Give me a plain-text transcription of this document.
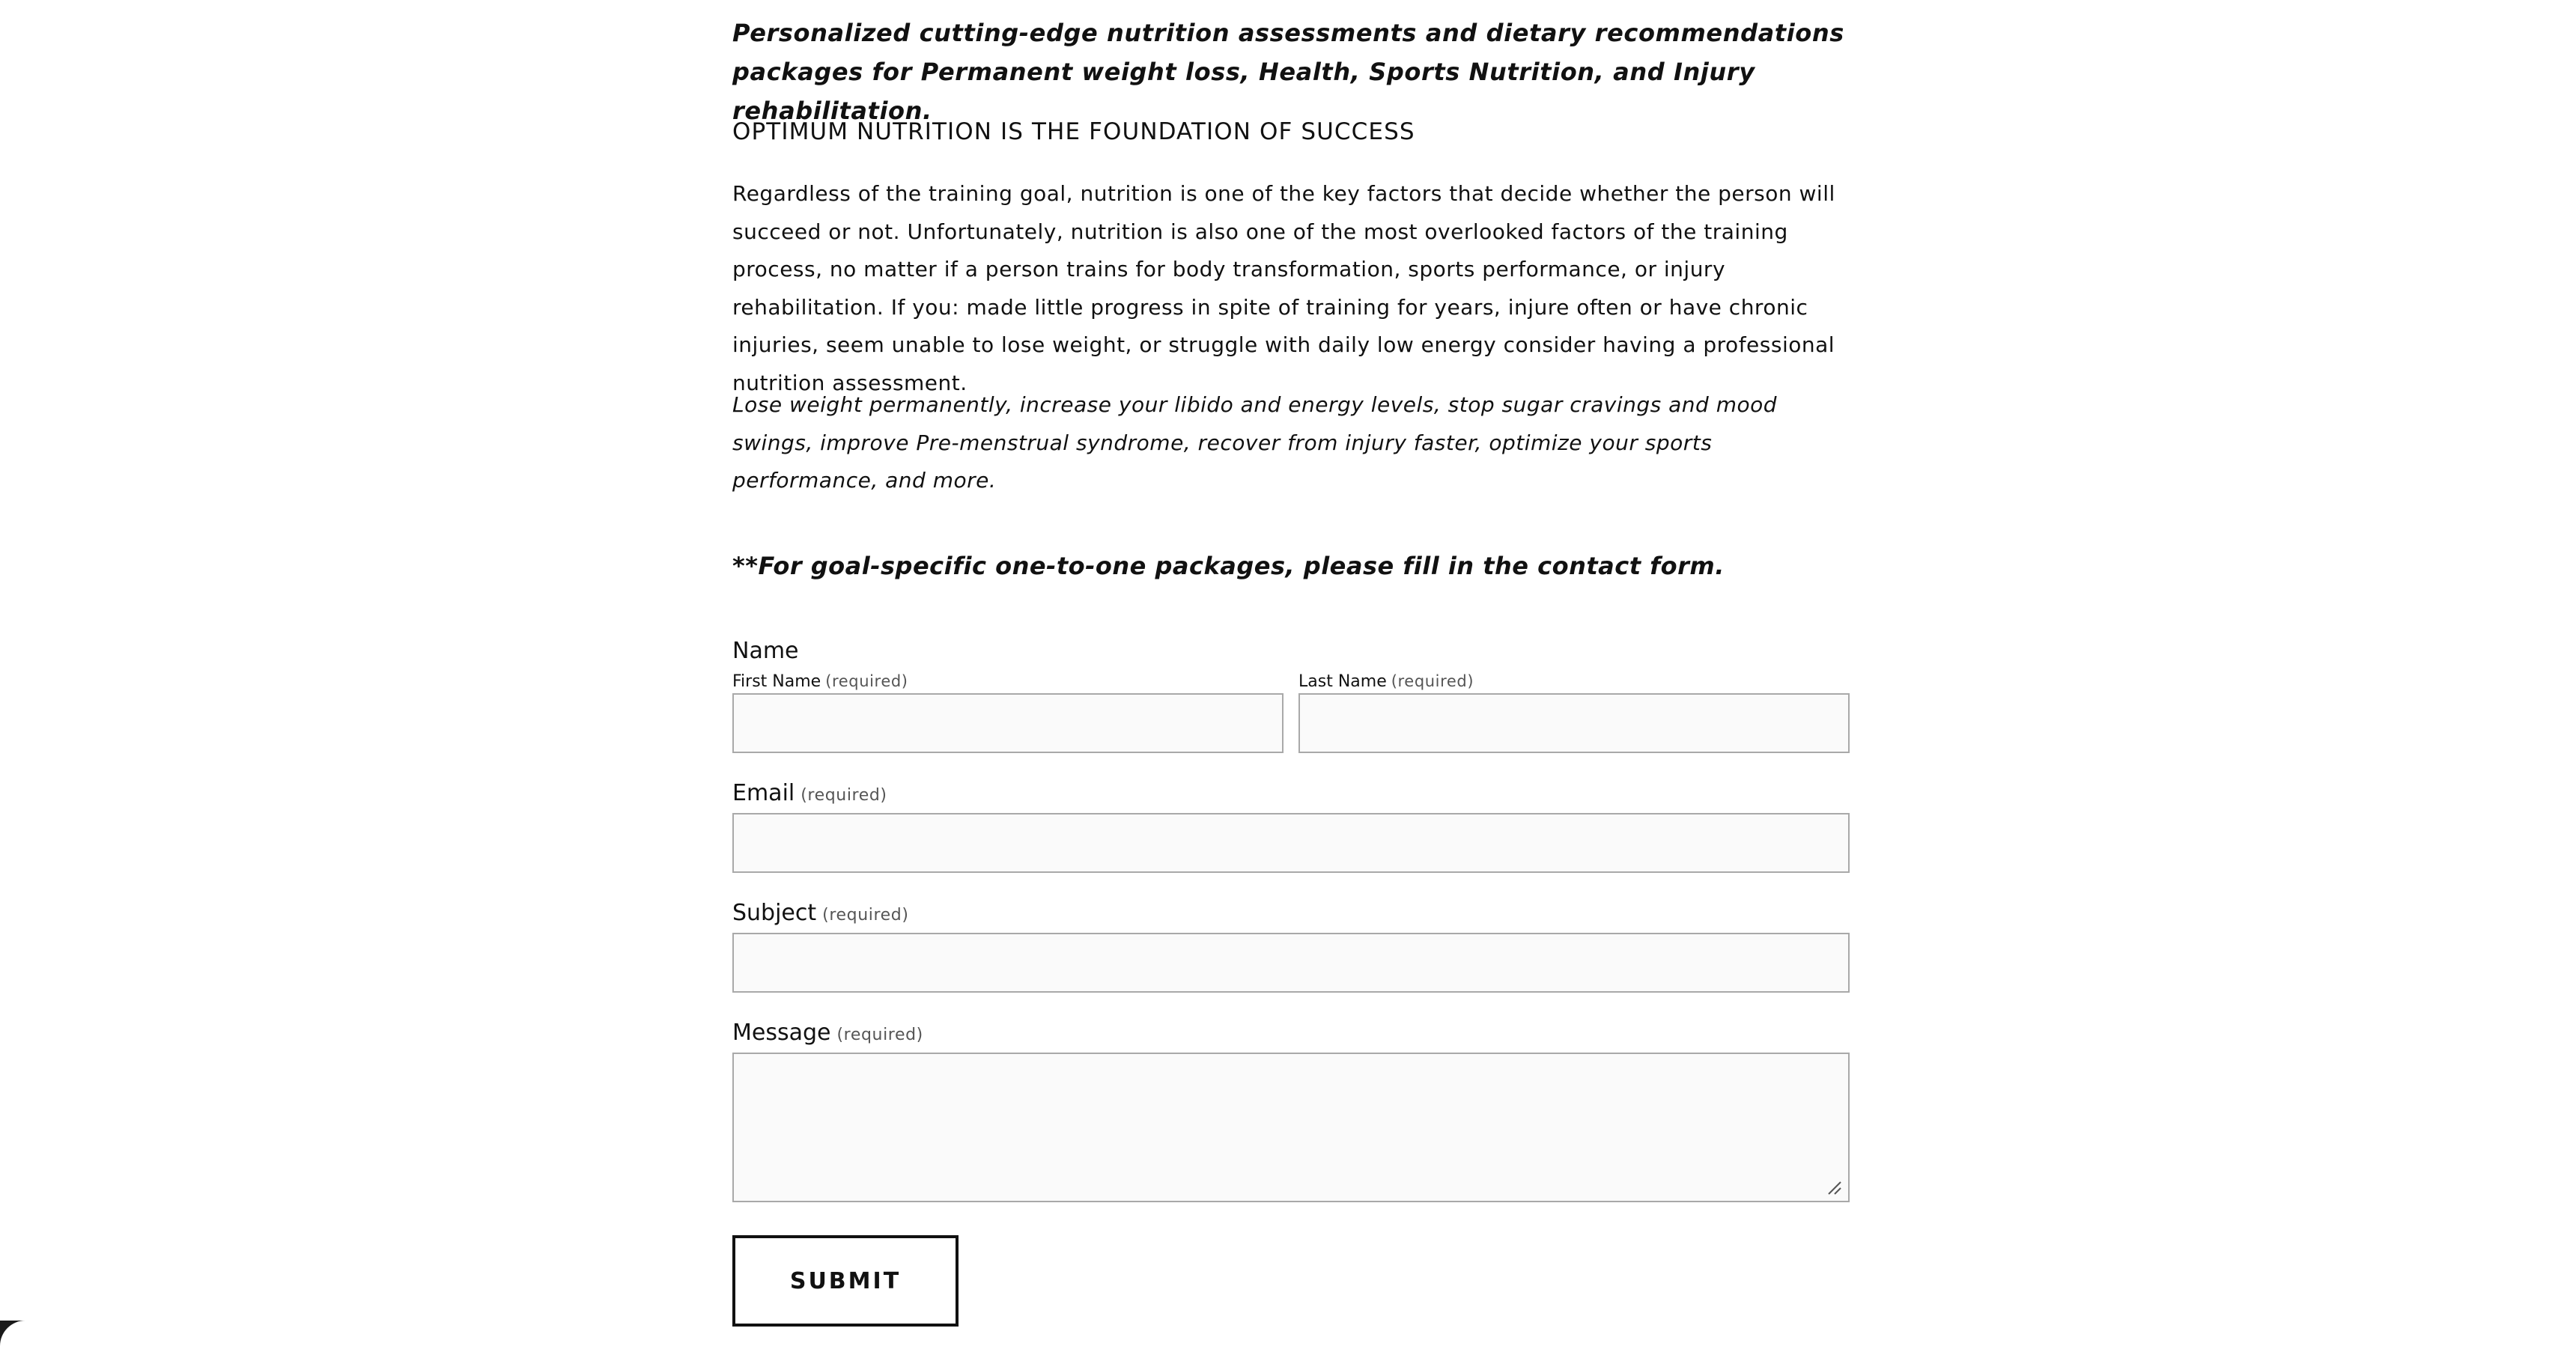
Personalized cutting-edge nutrition assessments and dietary recommendations packages for Permanent weight loss, Health, Sports Nutrition, and Injury rehabilitation.

OPTIMUM NUTRITION IS THE FOUNDATION OF SUCCESS

Regardless of the training goal, nutrition is one of the key factors that decide whether the person will succeed or not. Unfortunately, nutrition is also one of the most overlooked factors of the training process, no matter if a person trains for body transformation, sports performance, or injury rehabilitation. If you: made little progress in spite of training for years, injure often or have chronic injuries, seem unable to lose weight, or struggle with daily low energy consider having a professional nutrition assessment.

Lose weight permanently, increase your libido and energy levels, stop sugar cravings and mood swings, improve Pre-menstrual syndrome, recover from injury faster, optimize your sports performance, and more.

**For goal-specific one-to-one packages, please fill in the contact form.

Name
First Name (required)	Last Name (required)
Email (required)
Subject (required)
Message (required)
SUBMIT
